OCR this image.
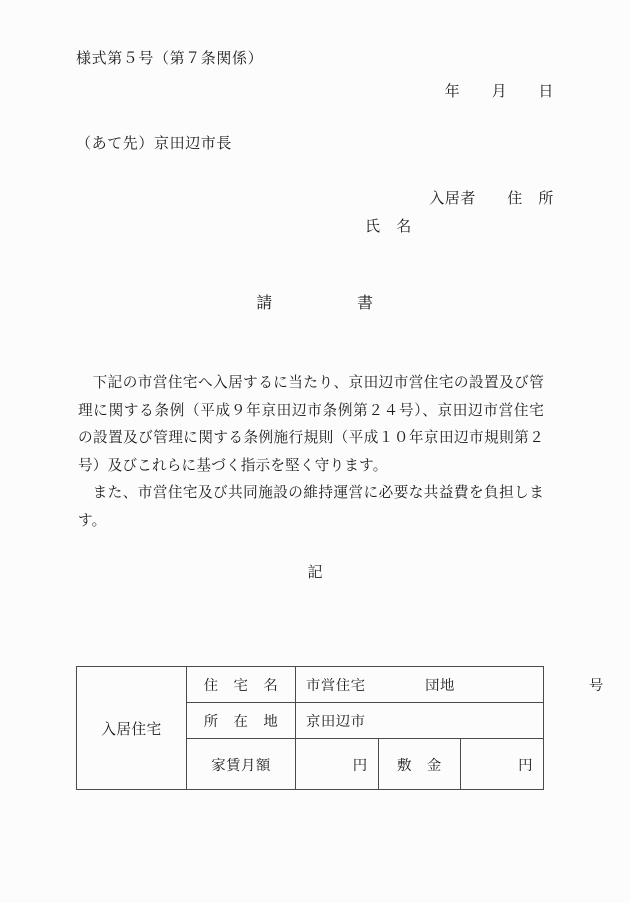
様式第５号（第７条関係）
年　　月　　日
（あて先）京田辺市長
入居者　　住　所
氏　名
請　　　　　書

下記の市営住宅へ入居するに当たり、京田辺市営住宅の設置及び管理に関する条例（平成９年京田辺市条例第２４号）、京田辺市営住宅の設置及び管理に関する条例施行規則（平成１０年京田辺市規則第２号）及びこれらに基づく指示を堅く守ります。

また、市営住宅及び共同施設の維持運営に必要な共益費を負担します。

記
入居住宅	住　宅　名	市営住宅　　　　団地　　　　　　　　　号		

	所　在　地	京田辺市		

	家賃月額	円	敷　金	円
